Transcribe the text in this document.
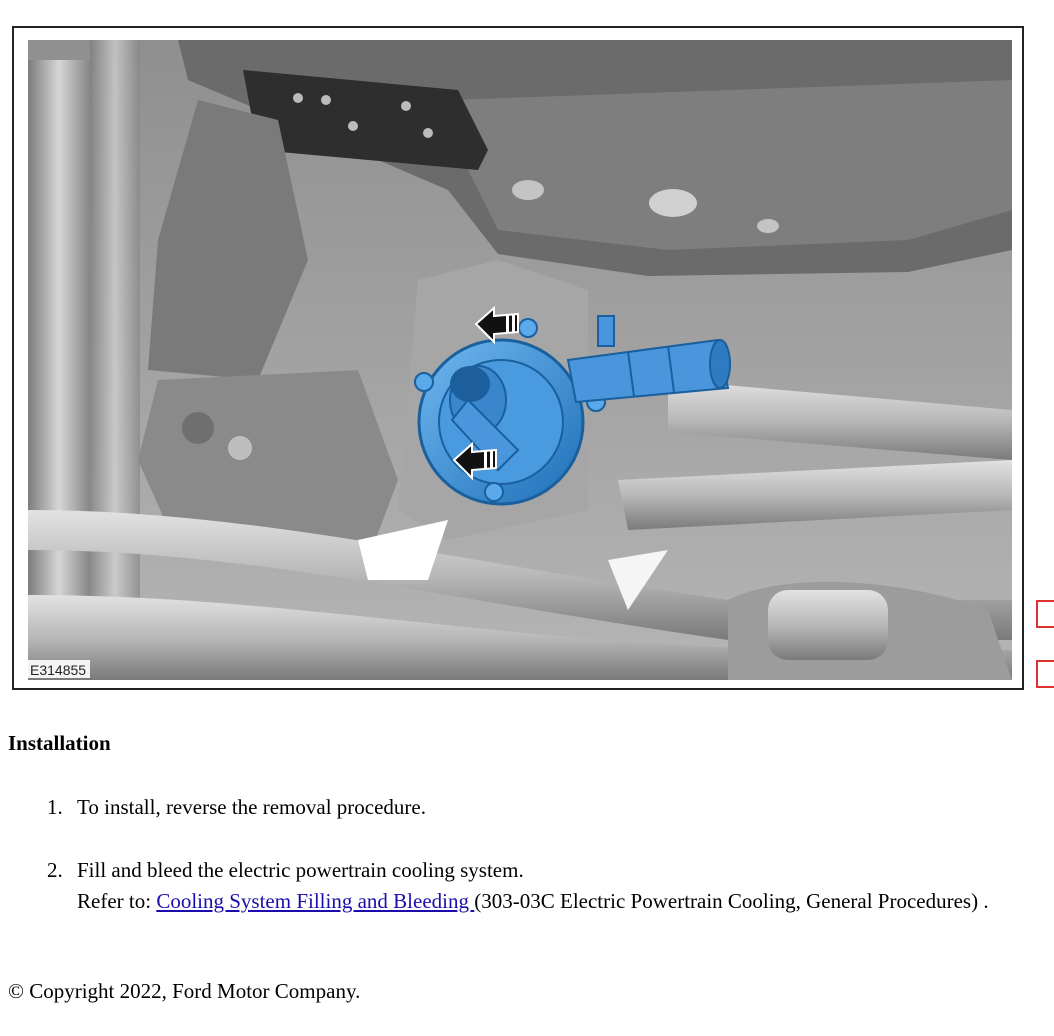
E314855
Installation
1. To install, reverse the removal procedure.
2. Fill and bleed the electric powertrain cooling system.
Refer to: Cooling System Filling and Bleeding (303-03C Electric Powertrain Cooling, General Procedures) .

© Copyright 2022, Ford Motor Company.
